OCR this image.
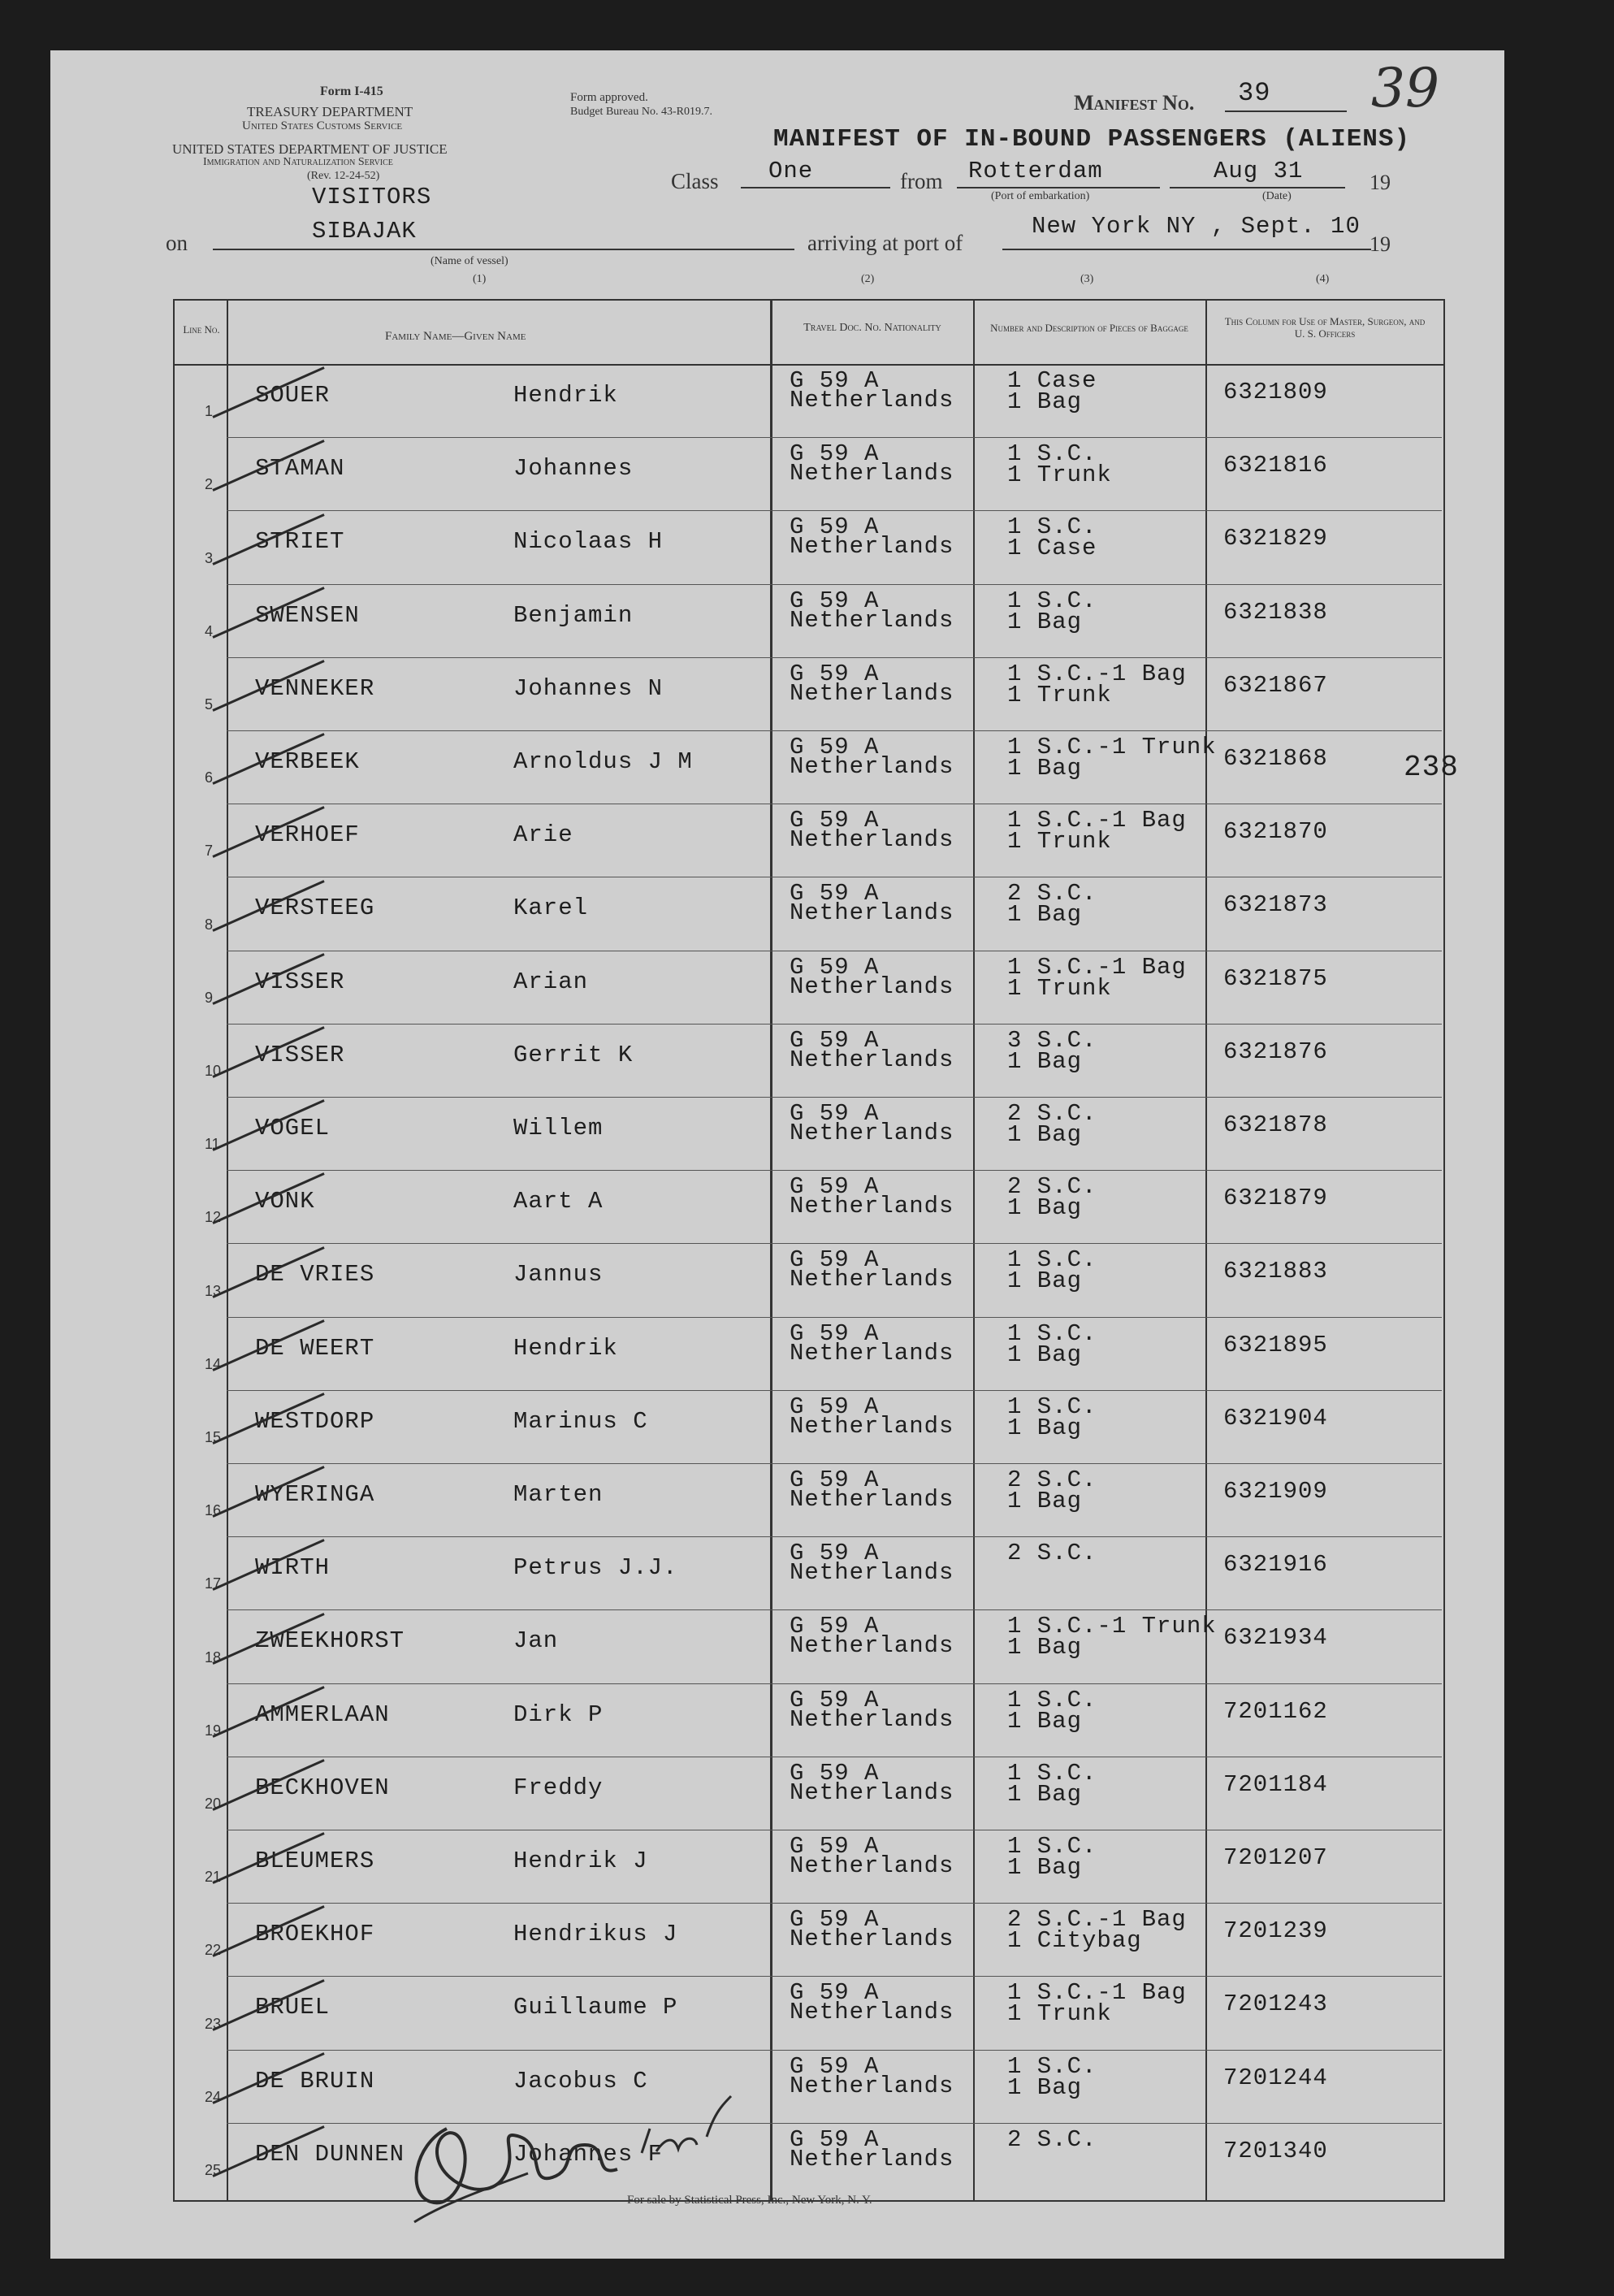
Form I-415
TREASURY DEPARTMENT
United States Customs Service
UNITED STATES DEPARTMENT OF JUSTICE
Immigration and Naturalization Service
(Rev. 12-24-52)
Form approved.
Budget Bureau No. 43-R019.7.	Manifest No. 39 39
MANIFEST OF IN-BOUND PASSENGERS (ALIENS)
VISITORS
Class One	from Rotterdam
(Port of embarkation)
Aug 31
(Date)
19
on	SIBAJAK
(Name of vessel)
arriving at port of
New York NY , Sept. 10
19
(1)	(2)	(3)	(4)
Line No.
Family Name—Given Name
Travel Doc. No. Nationality	Number and Description of Pieces of Baggage
This Column for Use of Master, Surgeon, and U. S. Officers
1
SOUER	Hendrik
G 59 A
Netherlands
1 Case
1 Bag	6321809
2
STAMAN	Johannes
G 59 A
Netherlands
1 S.C.
1 Trunk	6321816
3
STRIET	Nicolaas H
G 59 A
Netherlands
1 S.C.
1 Case	6321829
4
SWENSEN	Benjamin
G 59 A
Netherlands
1 S.C.
1 Bag	6321838
5
VENNEKER	Johannes N
G 59 A
Netherlands
1 S.C.-1 Bag
1 Trunk	6321867
6
VERBEEK	Arnoldus J M
G 59 A
Netherlands
1 S.C.-1 Trunk
1 Bag	6321868
7
VERHOEF	Arie
G 59 A
Netherlands
1 S.C.-1 Bag
1 Trunk	6321870
8
VERSTEEG	Karel
G 59 A
Netherlands
2 S.C.
1 Bag	6321873
9
VISSER	Arian
G 59 A
Netherlands
1 S.C.-1 Bag
1 Trunk	6321875
10
VISSER	Gerrit K
G 59 A
Netherlands
3 S.C.
1 Bag	6321876
11
VOGEL	Willem
G 59 A
Netherlands
2 S.C.
1 Bag	6321878
12
VONK	Aart A
G 59 A
Netherlands
2 S.C.
1 Bag	6321879
13
DE VRIES	Jannus
G 59 A
Netherlands
1 S.C.
1 Bag	6321883
14
DE WEERT	Hendrik
G 59 A
Netherlands
1 S.C.
1 Bag	6321895
15
WESTDORP	Marinus C
G 59 A
Netherlands
1 S.C.
1 Bag	6321904
16
WYERINGA	Marten
G 59 A
Netherlands
2 S.C.
1 Bag	6321909
17
WIRTH	Petrus J.J.
G 59 A
Netherlands
2 S.C.	6321916
18
ZWEEKHORST	Jan
G 59 A
Netherlands
1 S.C.-1 Trunk
1 Bag	6321934
19
AMMERLAAN	Dirk P
G 59 A
Netherlands
1 S.C.
1 Bag	7201162
20
BECKHOVEN	Freddy
G 59 A
Netherlands
1 S.C.
1 Bag	7201184
21
BLEUMERS	Hendrik J
G 59 A
Netherlands
1 S.C.
1 Bag	7201207
22
BROEKHOF	Hendrikus J
G 59 A
Netherlands
2 S.C.-1 Bag
1 Citybag	7201239
23
BRUEL	Guillaume P
G 59 A
Netherlands
1 S.C.-1 Bag
1 Trunk	7201243
24
DE BRUIN	Jacobus C
G 59 A
Netherlands
1 S.C.
1 Bag	7201244
25
DEN DUNNEN	Johannes F
G 59 A
Netherlands
2 S.C.	7201340
238
For sale by Statistical Press, Inc., New York, N. Y.
